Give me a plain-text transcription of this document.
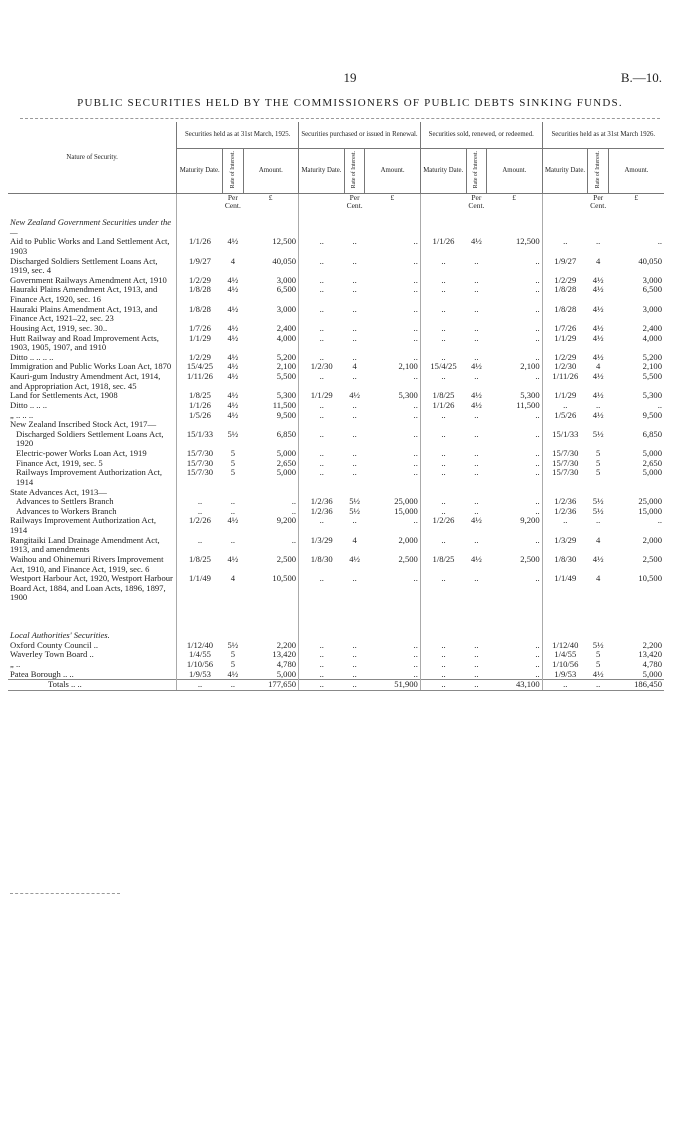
19	B.—10.
PUBLIC SECURITIES HELD BY THE COMMISSIONERS OF PUBLIC DEBTS SINKING FUNDS.
Nature of Security.	Securities held as at 31st March, 1925.			Securities purchased or issued in Renewal.			Securities sold, renewed, or redeemed.			Securities held as at 31st March 1926.		
	Maturity Date.	Rate of Interest.	Amount.	Maturity Date.	Rate of Interest.	Amount.	Maturity Date.	Rate of Interest.	Amount.	Maturity Date.	Rate of Interest.	Amount.
		Per Cent.	£		Per Cent.	£		Per Cent.	£		Per Cent.	£
New Zealand Government Securities under the—												
Aid to Public Works and Land Settlement Act, 1903	1/1/26	4½	12,500	..	..	..	1/1/26	4½	12,500	..	..	..
Discharged Soldiers Settlement Loans Act, 1919, sec. 4	1/9/27	4	40,050	..	..	..	..	..	..	1/9/27	4	40,050
Government Railways Amendment Act, 1910	1/2/29	4½	3,000	..	..	..	..	..	..	1/2/29	4½	3,000
Hauraki Plains Amendment Act, 1913, and Finance Act, 1920, sec. 16	1/8/28	4½	6,500	..	..	..	..	..	..	1/8/28	4½	6,500
Hauraki Plains Amendment Act, 1913, and Finance Act, 1921–22, sec. 23	1/8/28	4½	3,000	..	..	..	..	..	..	1/8/28	4½	3,000
Housing Act, 1919, sec. 30..	1/7/26	4½	2,400	..	..	..	..	..	..	1/7/26	4½	2,400
Hutt Railway and Road Improvement Acts, 1903, 1905, 1907, and 1910	1/1/29	4½	4,000	..	..	..	..	..	..	1/1/29	4½	4,000
Ditto .. .. .. ..	1/2/29	4½	5,200	..	..	..	..	..	..	1/2/29	4½	5,200
Immigration and Public Works Loan Act, 1870	15/4/25	4½	2,100	1/2/30	4	2,100	15/4/25	4½	2,100	1/2/30	4	2,100
Kauri-gum Industry Amendment Act, 1914, and Appropriation Act, 1918, sec. 45	1/11/26	4½	5,500	..	..	..	..	..	..	1/11/26	4½	5,500
Land for Settlements Act, 1908	1/8/25	4½	5,300	1/1/29	4½	5,300	1/8/25	4½	5,300	1/1/29	4½	5,300
Ditto .. .. ..	1/1/26	4½	11,500	..	..	..	1/1/26	4½	11,500	..	..	..
„ .. .. ..	1/5/26	4½	9,500	..	..	..	..	..	..	1/5/26	4½	9,500
New Zealand Inscribed Stock Act, 1917—												
Discharged Soldiers Settlement Loans Act, 1920	15/1/33	5½	6,850	..	..	..	..	..	..	15/1/33	5½	6,850
Electric-power Works Loan Act, 1919	15/7/30	5	5,000	..	..	..	..	..	..	15/7/30	5	5,000
Finance Act, 1919, sec. 5	15/7/30	5	2,650	..	..	..	..	..	..	15/7/30	5	2,650
Railways Improvement Authorization Act, 1914	15/7/30	5	5,000	..	..	..	..	..	..	15/7/30	5	5,000
State Advances Act, 1913—												
Advances to Settlers Branch	..	..	..	1/2/36	5½	25,000	..	..	..	1/2/36	5½	25,000
Advances to Workers Branch	..	..	..	1/2/36	5½	15,000	..	..	..	1/2/36	5½	15,000
Railways Improvement Authorization Act, 1914	1/2/26	4½	9,200	..	..	..	1/2/26	4½	9,200	..	..	..
Rangitaiki Land Drainage Amendment Act, 1913, and amendments	..	..	..	1/3/29	4	2,000	..	..	..	1/3/29	4	2,000
Waihou and Ohinemuri Rivers Improvement Act, 1910, and Finance Act, 1919, sec. 6	1/8/25	4½	2,500	1/8/30	4½	2,500	1/8/25	4½	2,500	1/8/30	4½	2,500
Westport Harbour Act, 1920, Westport Harbour Board Act, 1884, and Loan Acts, 1896, 1897, 1900	1/1/49	4	10,500	..	..	..	..	..	..	1/1/49	4	10,500

Local Authorities' Securities.												
Oxford County Council ..	1/12/40	5½	2,200	..	..	..	..	..	..	1/12/40	5½	2,200
Waverley Town Board ..	1/4/55	5	13,420	..	..	..	..	..	..	1/4/55	5	13,420
„ ..	1/10/56	5	4,780	..	..	..	..	..	..	1/10/56	5	4,780
Patea Borough .. ..	1/9/53	4½	5,000	..	..	..	..	..	..	1/9/53	4½	5,000
Totals .. ..	..	..	177,650	..	..	51,900	..	..	43,100	..	..	186,450
